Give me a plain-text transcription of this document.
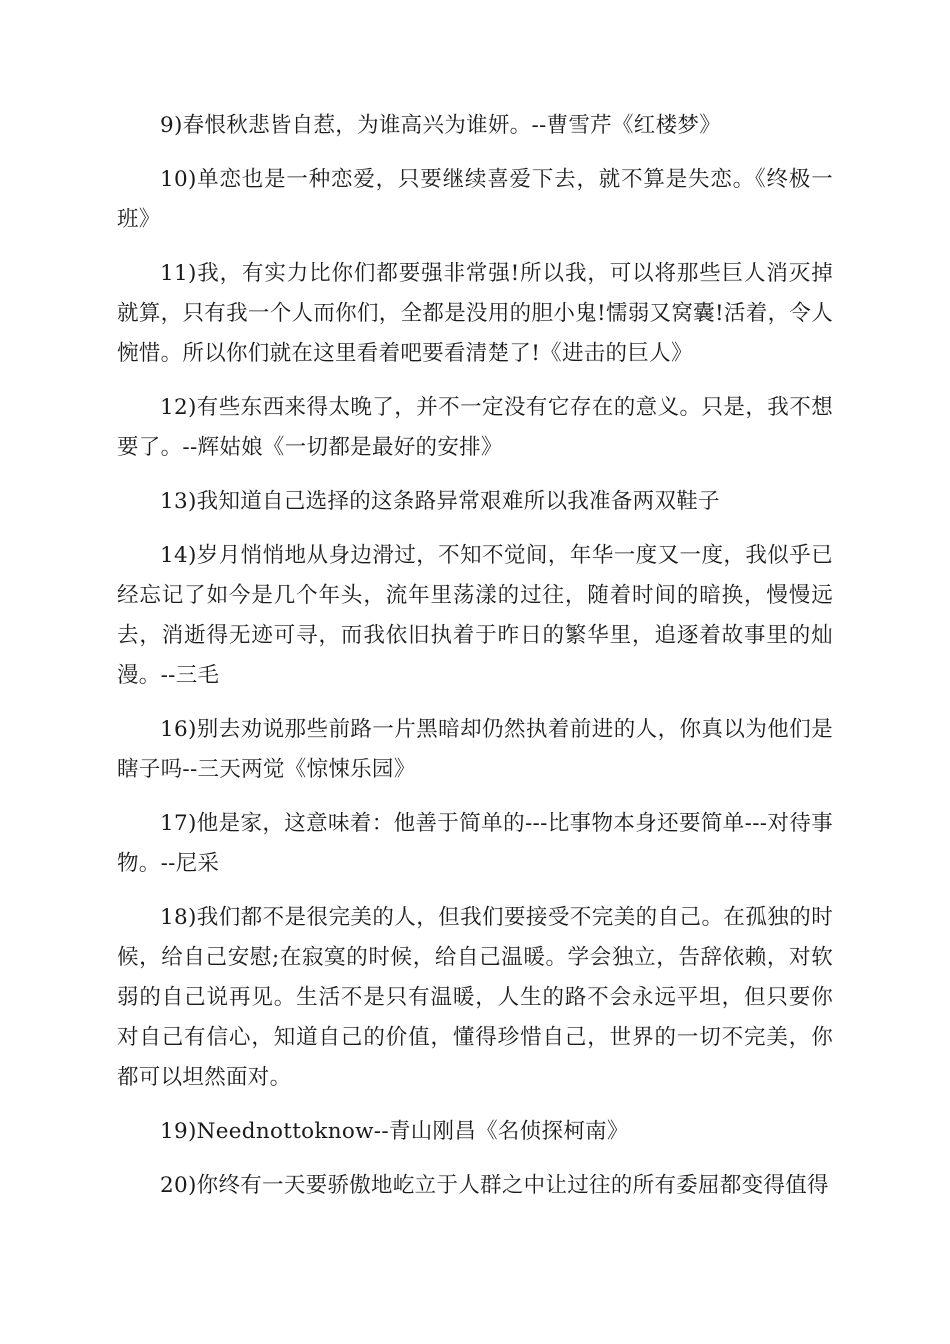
9)春恨秋悲皆自惹，为谁高兴为谁妍。--曹雪芹《红楼梦》

10)单恋也是一种恋爱，只要继续喜爱下去，就不算是失恋。《终极一班》

11)我，有实力比你们都要强非常强!所以我，可以将那些巨人消灭掉就算，只有我一个人而你们，全都是没用的胆小鬼!懦弱又窝囊!活着，令人惋惜。所以你们就在这里看着吧要看清楚了!《进击的巨人》

12)有些东西来得太晚了，并不一定没有它存在的意义。只是，我不想要了。--辉姑娘《一切都是最好的安排》

13)我知道自己选择的这条路异常艰难所以我准备两双鞋子

14)岁月悄悄地从身边滑过，不知不觉间，年华一度又一度，我似乎已经忘记了如今是几个年头，流年里荡漾的过往，随着时间的暗换，慢慢远去，消逝得无迹可寻，而我依旧执着于昨日的繁华里，追逐着故事里的灿漫。--三毛

16)别去劝说那些前路一片黑暗却仍然执着前进的人，你真以为他们是瞎子吗--三天两觉《惊悚乐园》

17)他是家，这意味着：他善于简单的---比事物本身还要简单---对待事物。--尼采

18)我们都不是很完美的人，但我们要接受不完美的自己。在孤独的时候，给自己安慰;在寂寞的时候，给自己温暖。学会独立，告辞依赖，对软弱的自己说再见。生活不是只有温暖，人生的路不会永远平坦，但只要你对自己有信心，知道自己的价值，懂得珍惜自己，世界的一切不完美，你都可以坦然面对。

19)Neednottoknow--青山刚昌《名侦探柯南》

20)你终有一天要骄傲地屹立于人群之中让过往的所有委屈都变得值得
